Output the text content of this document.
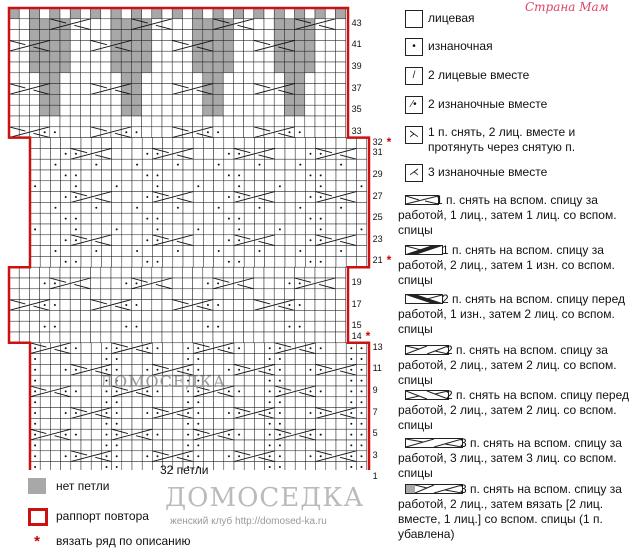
43
41
39
37
35
33
32 *
31
29
27
25
23
21 *
19
17
15
14 *
13
11
9
7
5
3
1
32 петли
ДОМОСЕДКА
Страна Мам
лицевая
•	изнаночная
/	2 лицевые вместе
⁄• 2 изнаночные вместе
⋋ 1 п. снять, 2 лиц. вместе и протянуть через снятую п.
⋌ 3 изнаночные вместе
1 п. снять на вспом. спицу за работой, 1 лиц., затем 1 лиц. со вспом. спицы
1 п. снять на вспом. спицу за работой, 2 лиц., затем 1 изн. со вспом. спицы
2 п. снять на вспом. спицу перед работой, 1 изн., затем 2 лиц. со вспом. спицы
2 п. снять на вспом. спицу за работой, 2 лиц., затем 2 лиц. со вспом. спицы
2 п. снять на вспом. спицу перед работой, 2 лиц., затем 2 лиц. со вспом. спицы
3 п. снять на вспом. спицу за работой, 3 лиц., затем 3 лиц. со вспом. спицы
3 п. снять на вспом. спицу за работой, 2 лиц., затем вязать [2 лиц. вместе, 1 лиц.] со вспом. спицы (1 п. убавлена)
нет петли
раппорт повтора
*	вязать ряд по описанию
ДОМОСЕДКА
женский клуб http://domosed-ka.ru
